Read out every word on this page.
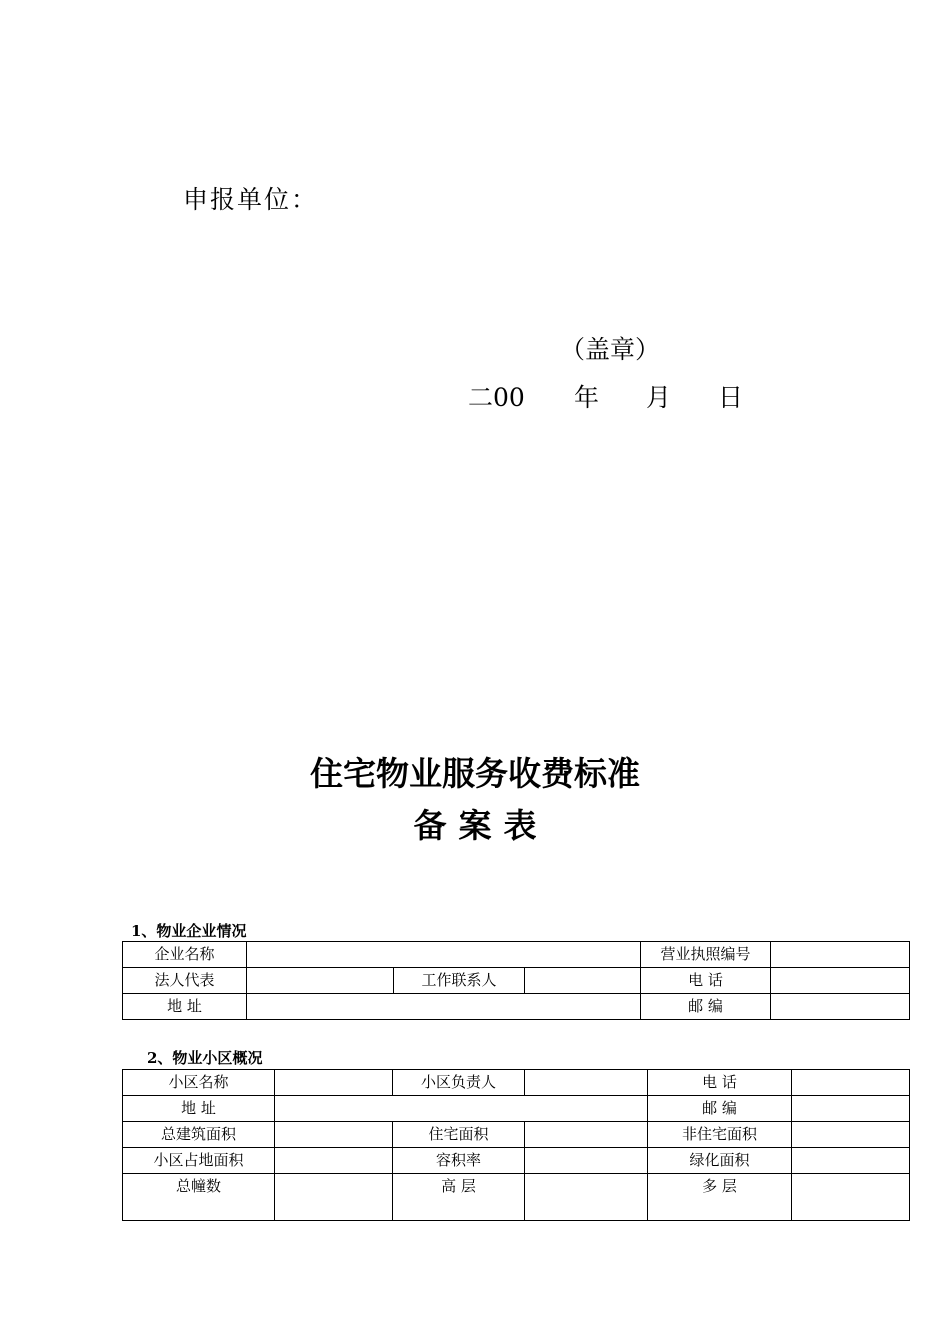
申报单位：
（盖章）
二00 年 月 日
住宅物业服务收费标准
备 案 表
1、物业企业情况
企业名称				营业执照编号	
法人代表		工作联系人		电 话	
地 址				邮 编	
2、物业小区概况
小区名称		小区负责人		电 话	
地 址				邮 编	
总建筑面积		住宅面积		非住宅面积	
小区占地面积		容积率		绿化面积	
总幢数		高 层		多 层	
